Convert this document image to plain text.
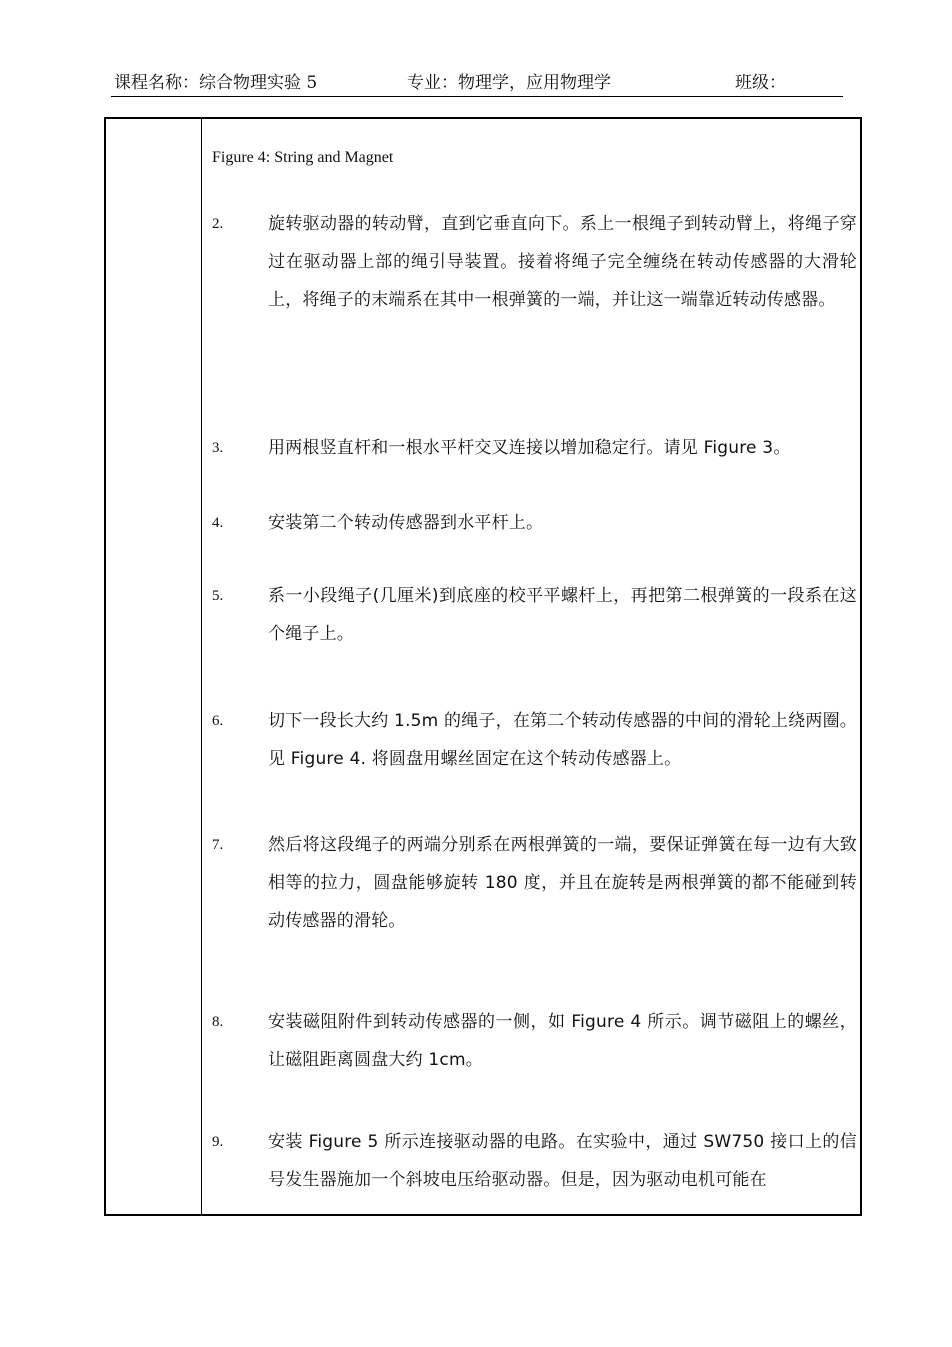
课程名称：综合物理实验 5	专业：物理学，应用物理学	班级：
Figure 4: String and Magnet
2.	旋转驱动器的转动臂，直到它垂直向下。系上一根绳子到转动臂上，将绳子穿过在驱动器上部的绳引导装置。接着将绳子完全缠绕在转动传感器的大滑轮上，将绳子的末端系在其中一根弹簧的一端，并让这一端靠近转动传感器。
3.	用两根竖直杆和一根水平杆交叉连接以增加稳定行。请见 Figure 3。
4.	安装第二个转动传感器到水平杆上。
5.	系一小段绳子(几厘米)到底座的校平平螺杆上，再把第二根弹簧的一段系在这个绳子上。
6.	切下一段长大约 1.5m 的绳子，在第二个转动传感器的中间的滑轮上绕两圈。见 Figure 4. 将圆盘用螺丝固定在这个转动传感器上。
7.	然后将这段绳子的两端分别系在两根弹簧的一端，要保证弹簧在每一边有大致相等的拉力，圆盘能够旋转 180 度，并且在旋转是两根弹簧的都不能碰到转动传感器的滑轮。
8.	安装磁阻附件到转动传感器的一侧，如 Figure 4 所示。调节磁阻上的螺丝，让磁阻距离圆盘大约 1cm。
9.	安装 Figure 5 所示连接驱动器的电路。在实验中，通过 SW750 接口上的信号发生器施加一个斜坡电压给驱动器。但是，因为驱动电机可能在
